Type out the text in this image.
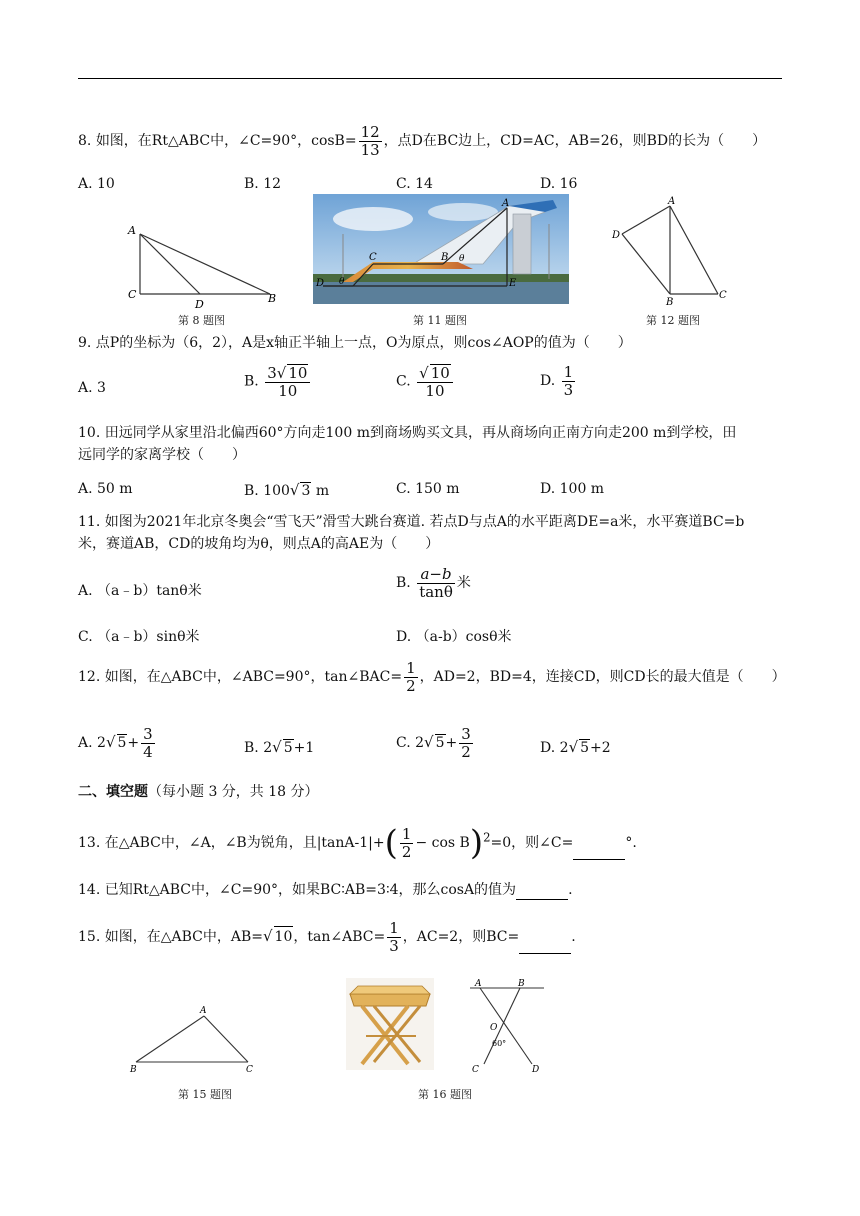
8. 如图，在Rt△ABC中，∠C=90°，$\cos B= \frac{12}{13}$ ，点D在BC边上，CD=AC，AB=26，则BD的长为（　　）
A. 10	B. 12	C. 14	D. 16
A
C
D	B
第 8 题图
A
C	B
D	E
θ
θ
第 11 题图
A
D
B
C
第 12 题图
9. 点P的坐标为（6，2），A是x轴正半轴上一点，O为原点，则cos∠AOP的值为（　　）
A. 3	B. $\frac{3√ 10}{10}$	C. $\frac{√ 10}{10}$	D. $\frac{1}{3}$
10. 田远同学从家里沿北偏西60°方向走100 m到商场购买文具，再从商场向正南方向走200 m到学校，田
远同学的家离学校（　　）
A. 50 m	B. 100√ 3 m	C. 150 m	D. 100 m
11. 如图为2021年北京冬奥会“雪飞天”滑雪大跳台赛道. 若点D与点A的水平距离DE=a米，水平赛道BC=b
米，赛道AB，CD的坡角均为θ，则点A的高AE为（　　）
A. （a﹣b）tanθ米	B. $\frac{a-b}{\tan\theta}$ 米
C. （a﹣b）sinθ米	D. （a-b）cosθ米
12. 如图，在△ABC中，∠ABC=90°，tan∠BAC= $\frac{1}{2}$ ，AD=2，BD=4，连接CD，则CD长的最大值是（　　）
A. 2√ $5+ \frac{3}{4}$	B. 2√ 5+1	C. 2√ $5+ \frac{3}{2}$	D. 2√ 5+2
二、填空题（每小题 3 分，共 18 分）
13. 在△ABC中，∠A，∠B为锐角，且$|\tan A-1|+( \frac{1}{2} - \cos B)^2=0$，则∠C=	°.
14. 已知Rt△ABC中，∠C=90°，如果BC∶AB=3∶4，那么cosA的值为	.
15. 如图，在△ABC中，AB=√ 10，tan∠ABC= $\frac{1}{3}$ ，AC=2，则BC=	.
A
B	C
第 15 题图
A	B
O
60°
C	D
第 16 题图
